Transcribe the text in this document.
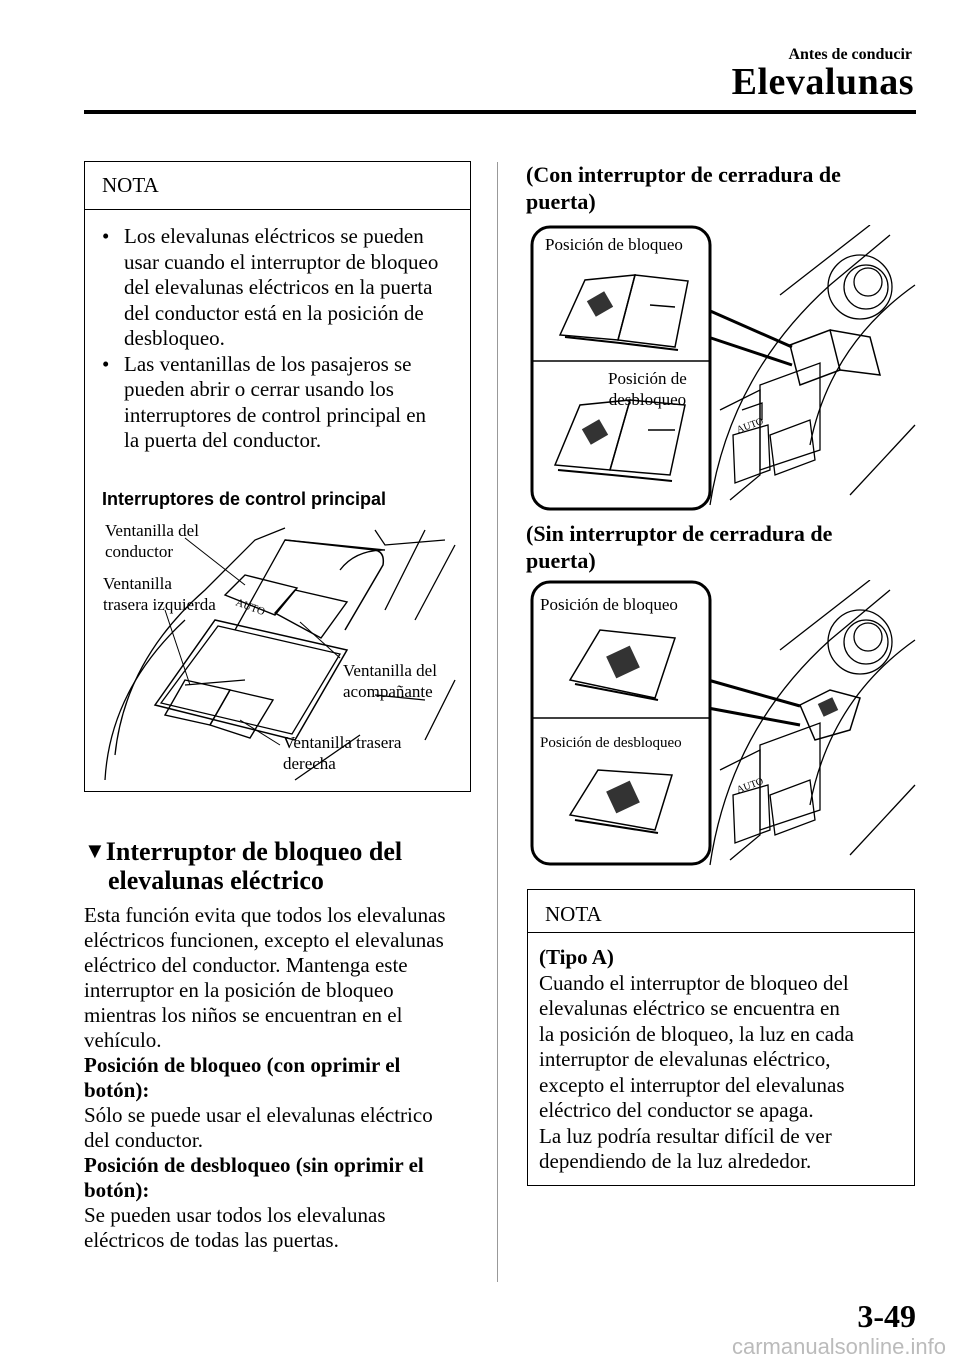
Antes de conducir
Elevalunas
NOTA
• Los elevalunas eléctricos se pueden
usar cuando el interruptor de bloqueo
del elevalunas eléctricos en la puerta
del conductor está en la posición de
desbloqueo.
• Las ventanillas de los pasajeros se
pueden abrir o cerrar usando los
interruptores de control principal en
la puerta del conductor.
Interruptores de control principal
AUTO
Ventanilla del
conductor
Ventanilla
trasera izquierda
Ventanilla del
acompañante
Ventanilla trasera
derecha
▼Interruptor de bloqueo del
elevalunas eléctrico
Esta función evita que todos los elevalunas
eléctricos funcionen, excepto el elevalunas
eléctrico del conductor. Mantenga este
interruptor en la posición de bloqueo
mientras los niños se encuentran en el
vehículo.
Posición de bloqueo (con oprimir el
botón):
Sólo se puede usar el elevalunas eléctrico
del conductor.
Posición de desbloqueo (sin oprimir el
botón):
Se pueden usar todos los elevalunas
eléctricos de todas las puertas.
(Con interruptor de cerradura de
puerta)
AUTO
Posición de bloqueo
Posición de
desbloqueo
(Sin interruptor de cerradura de
puerta)
AUTO
Posición de bloqueo
Posición de desbloqueo
NOTA
(Tipo A)
Cuando el interruptor de bloqueo del
elevalunas eléctrico se encuentra en
la posición de bloqueo, la luz en cada
interruptor de elevalunas eléctrico,
excepto el interruptor del elevalunas
eléctrico del conductor se apaga.
La luz podría resultar difícil de ver
dependiendo de la luz alrededor.
3-49
carmanualsonline.info
